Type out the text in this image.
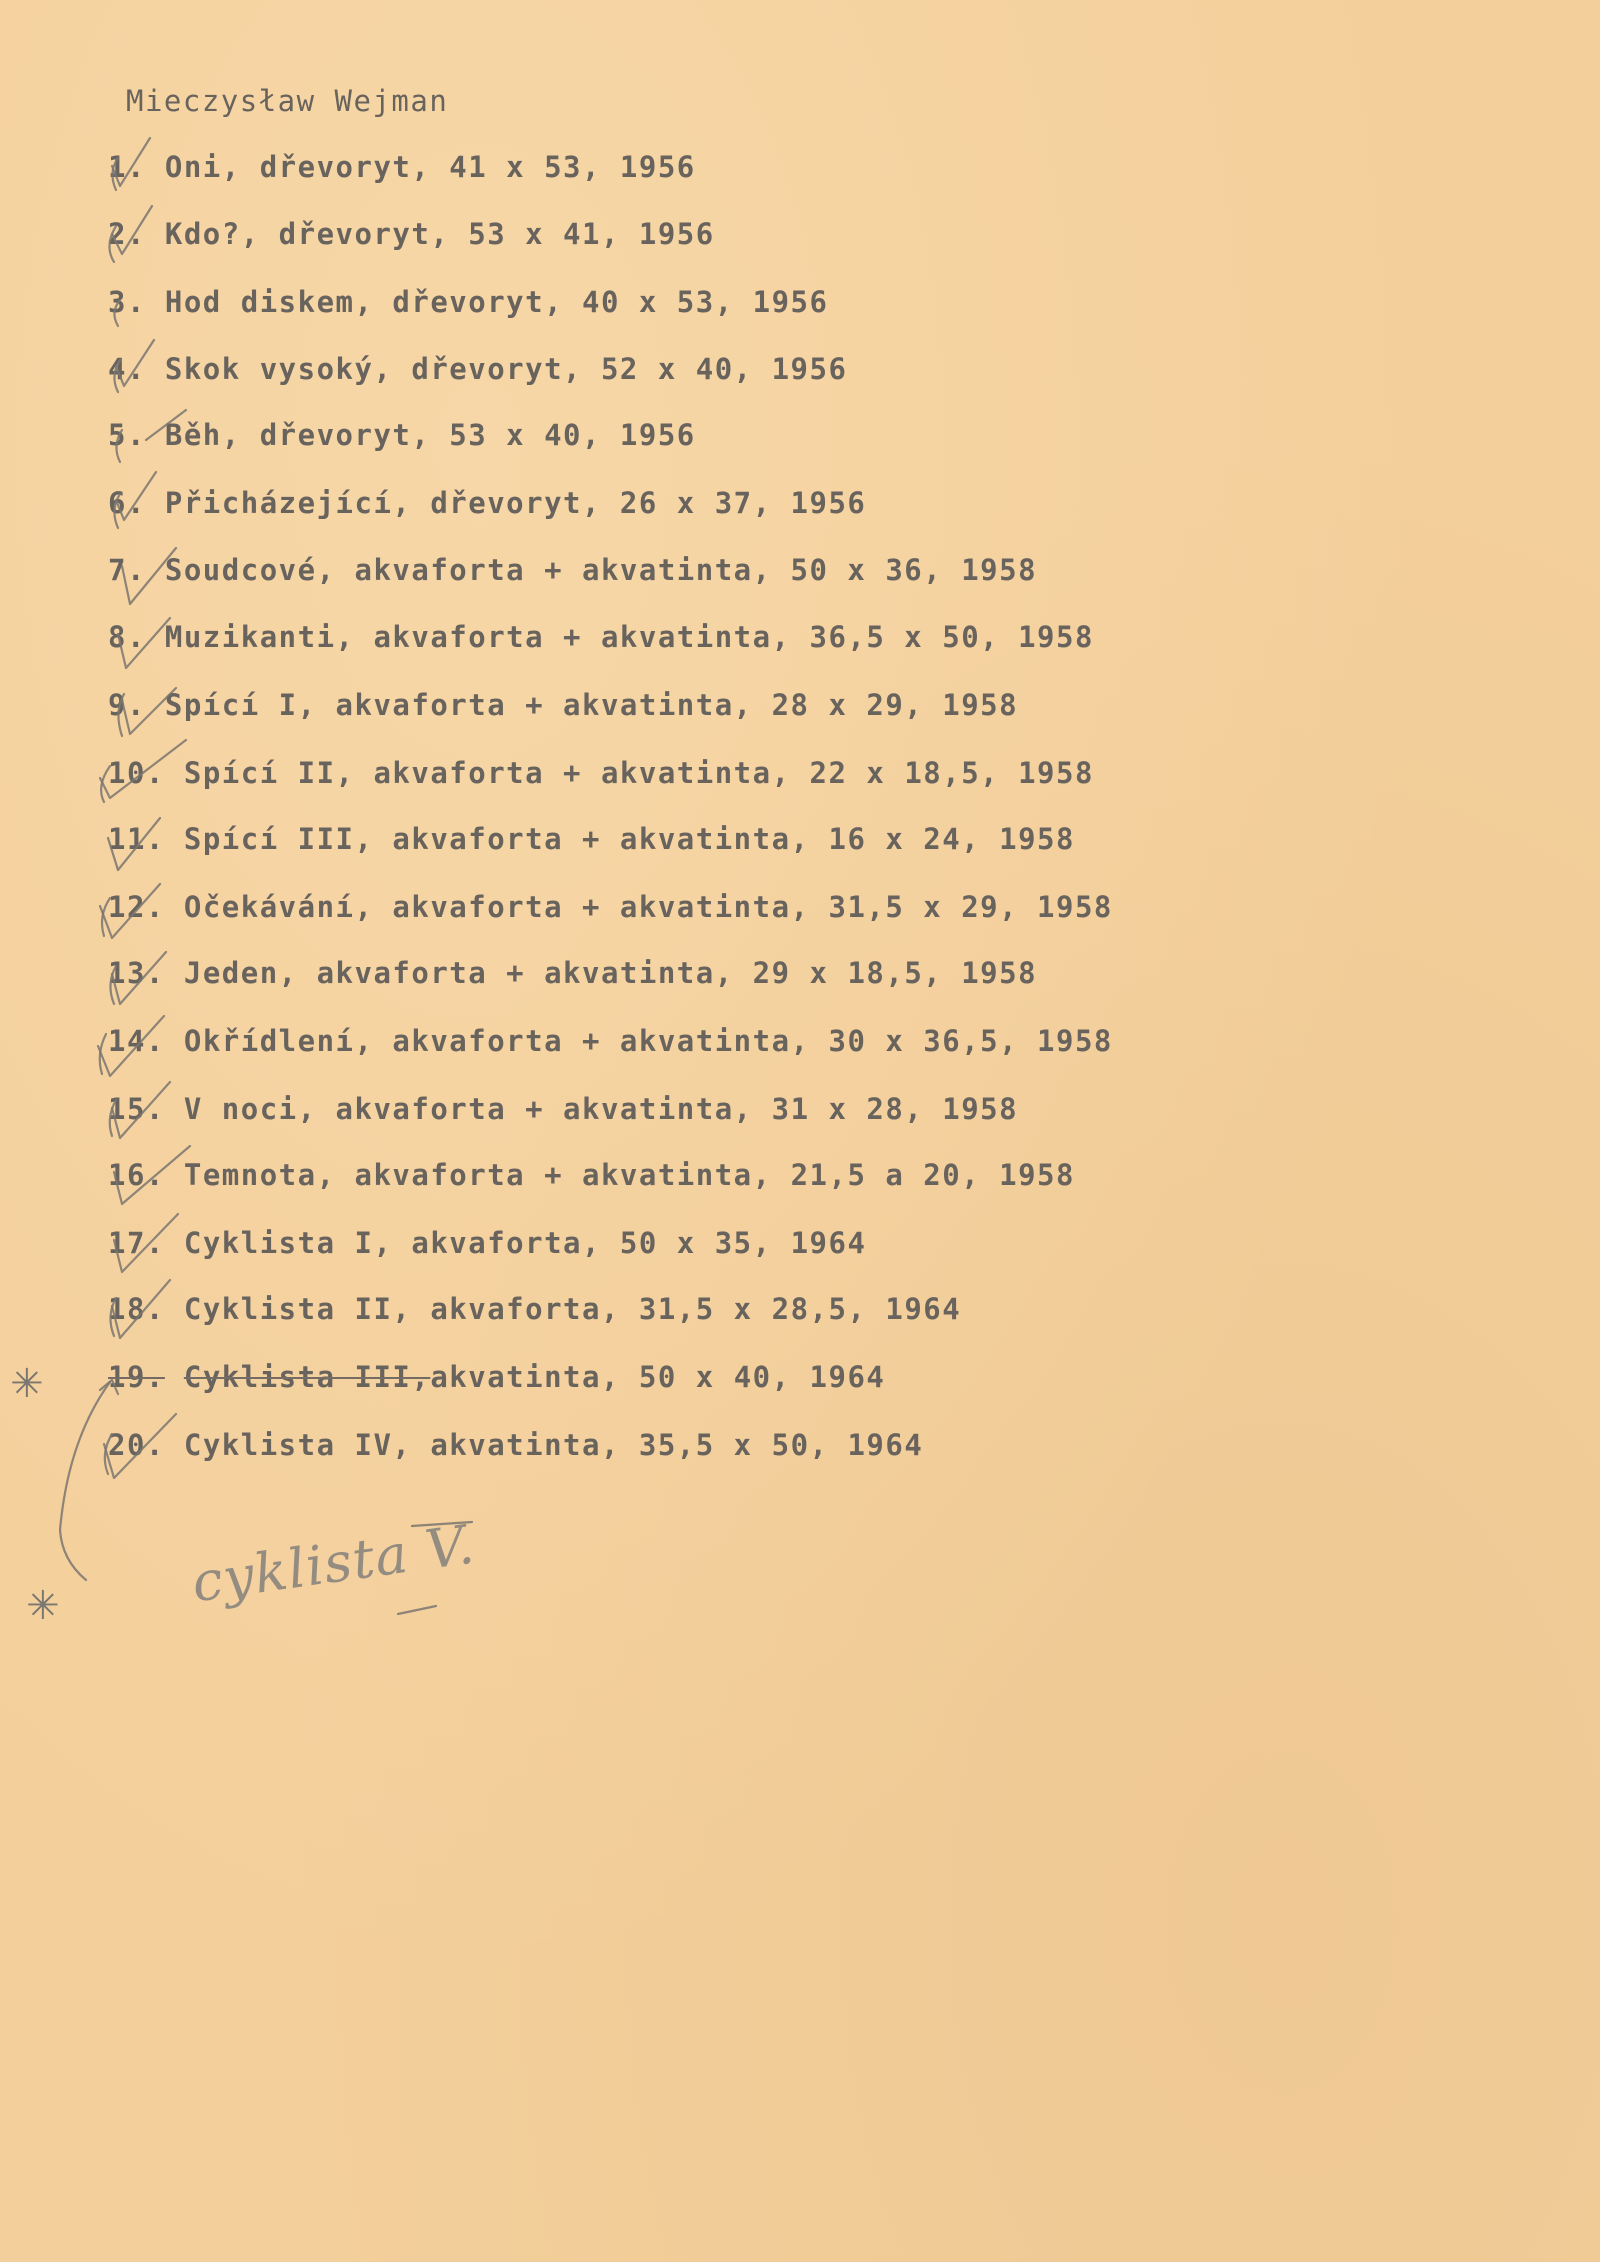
Mieczysław Wejman
1. Oni, dřevoryt, 41 x 53, 1956
2. Kdo?, dřevoryt, 53 x 41, 1956
3. Hod diskem, dřevoryt, 40 x 53, 1956
4. Skok vysoký, dřevoryt, 52 x 40, 1956
5. Běh, dřevoryt, 53 x 40, 1956
6. Přicházející, dřevoryt, 26 x 37, 1956
7. Soudcové, akvaforta + akvatinta, 50 x 36, 1958
8. Muzikanti, akvaforta + akvatinta, 36,5 x 50, 1958
9. Spící I, akvaforta + akvatinta, 28 x 29, 1958
10. Spící II, akvaforta + akvatinta, 22 x 18,5, 1958
11. Spící III, akvaforta + akvatinta, 16 x 24, 1958
12. Očekávání, akvaforta + akvatinta, 31,5 x 29, 1958
13. Jeden, akvaforta + akvatinta, 29 x 18,5, 1958
14. Okřídlení, akvaforta + akvatinta, 30 x 36,5, 1958
15. V noci, akvaforta + akvatinta, 31 x 28, 1958
16. Temnota, akvaforta + akvatinta, 21,5 a 20, 1958
17. Cyklista I, akvaforta, 50 x 35, 1964
18. Cyklista II, akvaforta, 31,5 x 28,5, 1964
19. Cyklista III,akvatinta, 50 x 40, 1964
20. Cyklista IV, akvatinta, 35,5 x 50, 1964
✳
✳ cyklista V.
